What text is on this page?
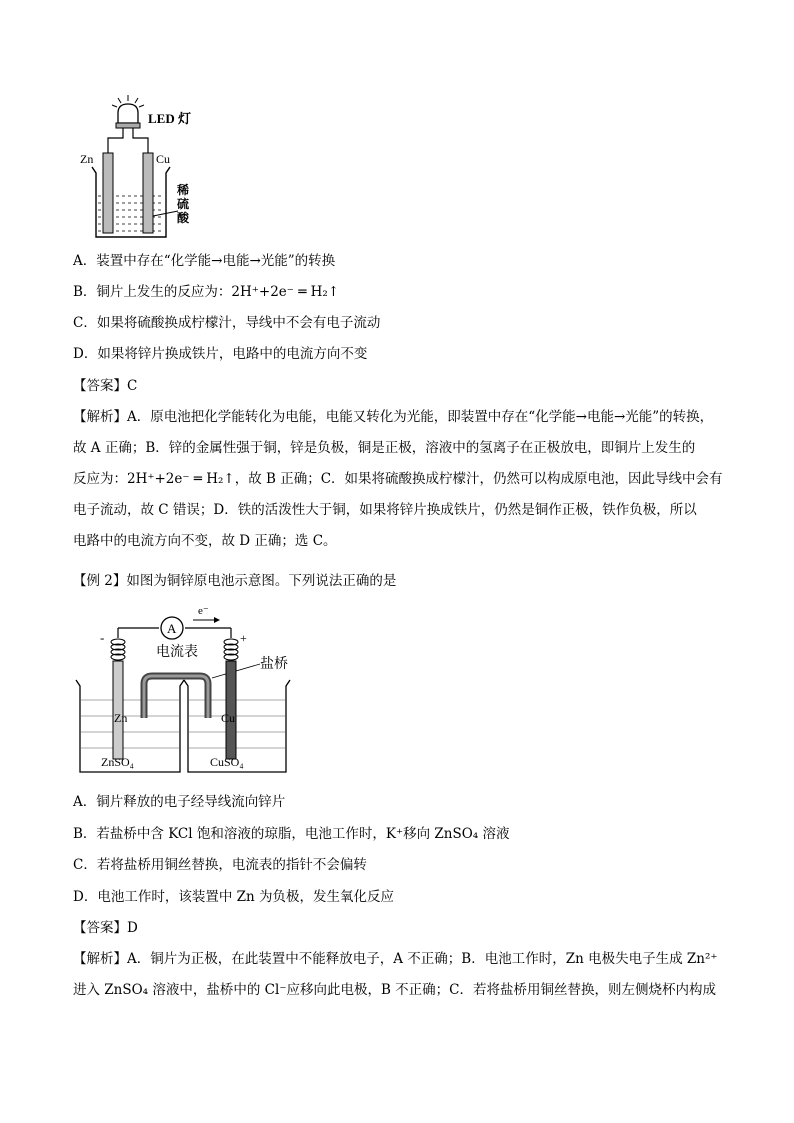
LED 灯
Zn	Cu
稀
硫
酸
A．装置中存在“化学能→电能→光能”的转换
B．铜片上发生的反应为：2H⁺+2e⁻ ═ H₂↑
C．如果将硫酸换成柠檬汁，导线中不会有电子流动
D．如果将锌片换成铁片，电路中的电流方向不变
【答案】C
【解析】A．原电池把化学能转化为电能，电能又转化为光能，即装置中存在“化学能→电能→光能”的转换，
故 A 正确；B．锌的金属性强于铜，锌是负极，铜是正极，溶液中的氢离子在正极放电，即铜片上发生的
反应为：2H⁺+2e⁻ ═ H₂↑，故 B 正确；C．如果将硫酸换成柠檬汁，仍然可以构成原电池，因此导线中会有
电子流动，故 C 错误；D．铁的活泼性大于铜，如果将锌片换成铁片，仍然是铜作正极，铁作负极，所以
电路中的电流方向不变，故 D 正确；选 C。
【例 2】如图为铜锌原电池示意图。下列说法正确的是
A
e⁻
-	+
电流表
盐桥
Zn	Cu
ZnSO₄	CuSO₄
A．铜片释放的电子经导线流向锌片
B．若盐桥中含 KCl 饱和溶液的琼脂，电池工作时，K⁺移向 ZnSO₄ 溶液
C．若将盐桥用铜丝替换，电流表的指针不会偏转
D．电池工作时，该装置中 Zn 为负极，发生氧化反应
【答案】D
【解析】A．铜片为正极，在此装置中不能释放电子，A 不正确；B．电池工作时，Zn 电极失电子生成 Zn²⁺
进入 ZnSO₄ 溶液中，盐桥中的 Cl⁻应移向此电极，B 不正确；C．若将盐桥用铜丝替换，则左侧烧杯内构成
